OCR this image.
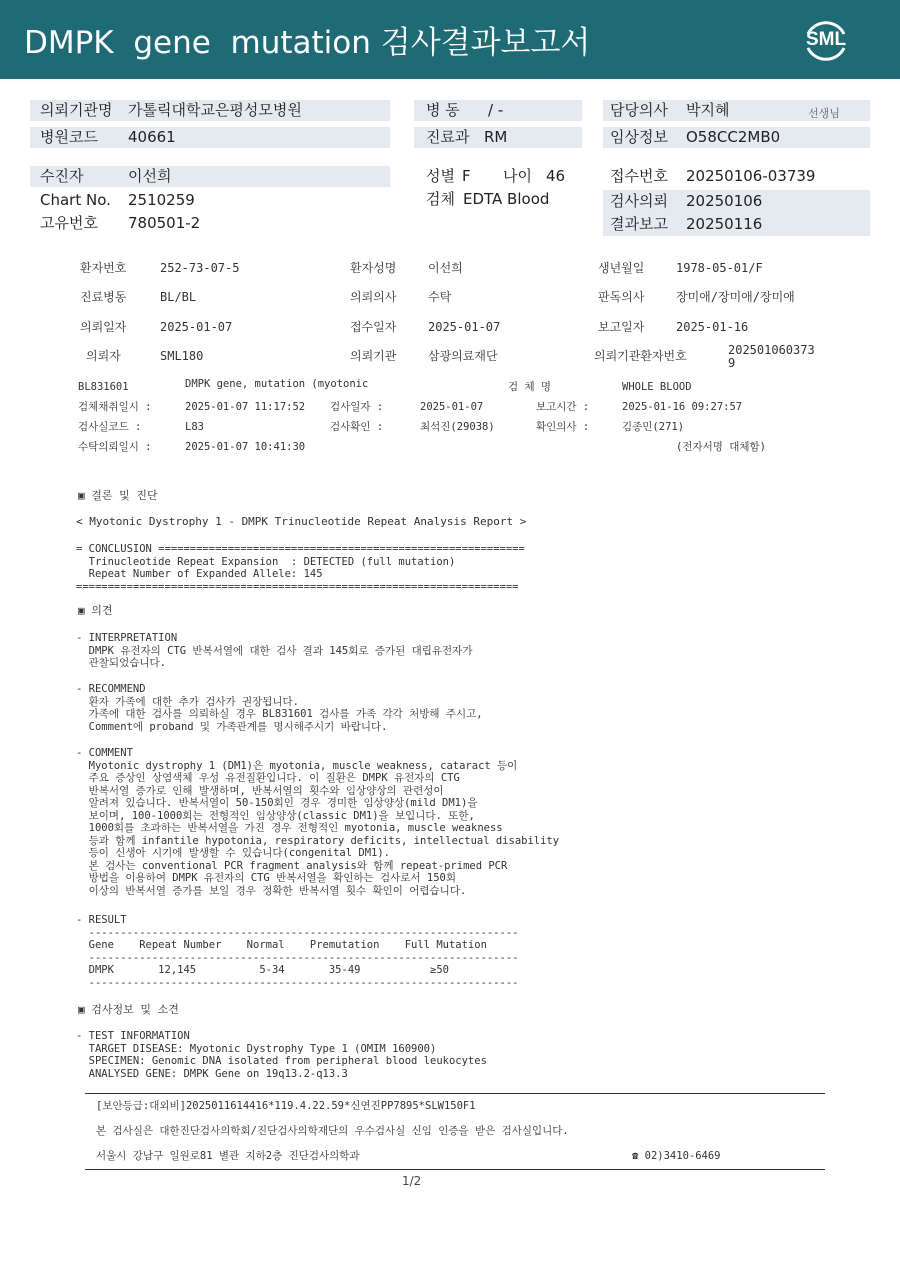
DMPK  gene  mutation 검사결과보고서	SML
의뢰기관명 가톨릭대학교은평성모병원	병 동 / -	담당의사 박지혜	선생님
병원코드 40661	진료과 RM	임상정보 O58CC2MB0
수진자	이선희	성별 F 나이 46	접수번호 20250106-03739
Chart No. 2510259	검체 EDTA Blood	검사의뢰 20250106
고유번호 780501-2	결과보고 20250116
환자번호	252-73-07-5	환자성명	이선희	생년월일	1978-05-01/F
진료병동	BL/BL	의뢰의사	수탁	판독의사	장미애/장미애/장미애
의뢰일자	2025-01-07	접수일자	2025-01-07	보고일자	2025-01-16
의뢰자	SML180	의뢰기관	삼광의료재단	의뢰기관환자번호	202501060373
9
BL831601	DMPK gene, mutation (myotonic	검 체 명	WHOLE BLOOD
검체채취일시 :	2025-01-07 11:17:52 검사일자 :	2025-01-07	보고시간 :	2025-01-16 09:27:57
검사실코드 :	L83	검사확인 :	최석진(29038)	확인의사 :	김종민(271)
수탁의뢰일시 :	2025-01-07 10:41:30	(전자서명 대체함)
▣ 결론 및 진단
< Myotonic Dystrophy 1 - DMPK Trinucleotide Repeat Analysis Report >
= CONCLUSION ==========================================================
Trinucleotide Repeat Expansion  : DETECTED (full mutation)
Repeat Number of Expanded Allele: 145
======================================================================
▣ 의견
- INTERPRETATION
DMPK 유전자의 CTG 반복서열에 대한 검사 결과 145회로 증가된 대립유전자가
관찰되었습니다.
- RECOMMEND
환자 가족에 대한 추가 검사가 권장됩니다.
가족에 대한 검사를 의뢰하실 경우 BL831601 검사를 가족 각각 처방해 주시고,
Comment에 proband 및 가족관계를 명시해주시기 바랍니다.
- COMMENT
Myotonic dystrophy 1 (DM1)은 myotonia, muscle weakness, cataract 등이
주요 증상인 상염색체 우성 유전질환입니다. 이 질환은 DMPK 유전자의 CTG
반복서열 증가로 인해 발생하며, 반복서열의 횟수와 임상양상의 관련성이
알려져 있습니다. 반복서열이 50-150회인 경우 경미한 임상양상(mild DM1)을
보이며, 100-1000회는 전형적인 임상양상(classic DM1)을 보입니다. 또한,
1000회를 초과하는 반복서열을 가진 경우 전형적인 myotonia, muscle weakness
등과 함께 infantile hypotonia, respiratory deficits, intellectual disability
등이 신생아 시기에 발생할 수 있습니다(congenital DM1).
본 검사는 conventional PCR fragment analysis와 함께 repeat-primed PCR
방법을 이용하여 DMPK 유전자의 CTG 반복서열을 확인하는 검사로서 150회
이상의 반복서열 증가를 보일 경우 정확한 반복서열 횟수 확인이 어렵습니다.
- RESULT
--------------------------------------------------------------------
Gene    Repeat Number    Normal    Premutation    Full Mutation
--------------------------------------------------------------------
DMPK       12,145          5-34       35-49           ≥50
--------------------------------------------------------------------
▣ 검사정보 및 소견
- TEST INFORMATION
TARGET DISEASE: Myotonic Dystrophy Type 1 (OMIM 160900)
SPECIMEN: Genomic DNA isolated from peripheral blood leukocytes
ANALYSED GENE: DMPK Gene on 19q13.2-q13.3
[보안등급:대외비]2025011614416*119.4.22.59*신연진PP7895*SLW150F1
본 검사실은 대한진단검사의학회/진단검사의학재단의 우수검사실 신임 인증을 받은 검사실입니다.
서울시 강남구 일원로81 별관 지하2층 진단검사의학과	☎ 02)3410-6469
1/2
